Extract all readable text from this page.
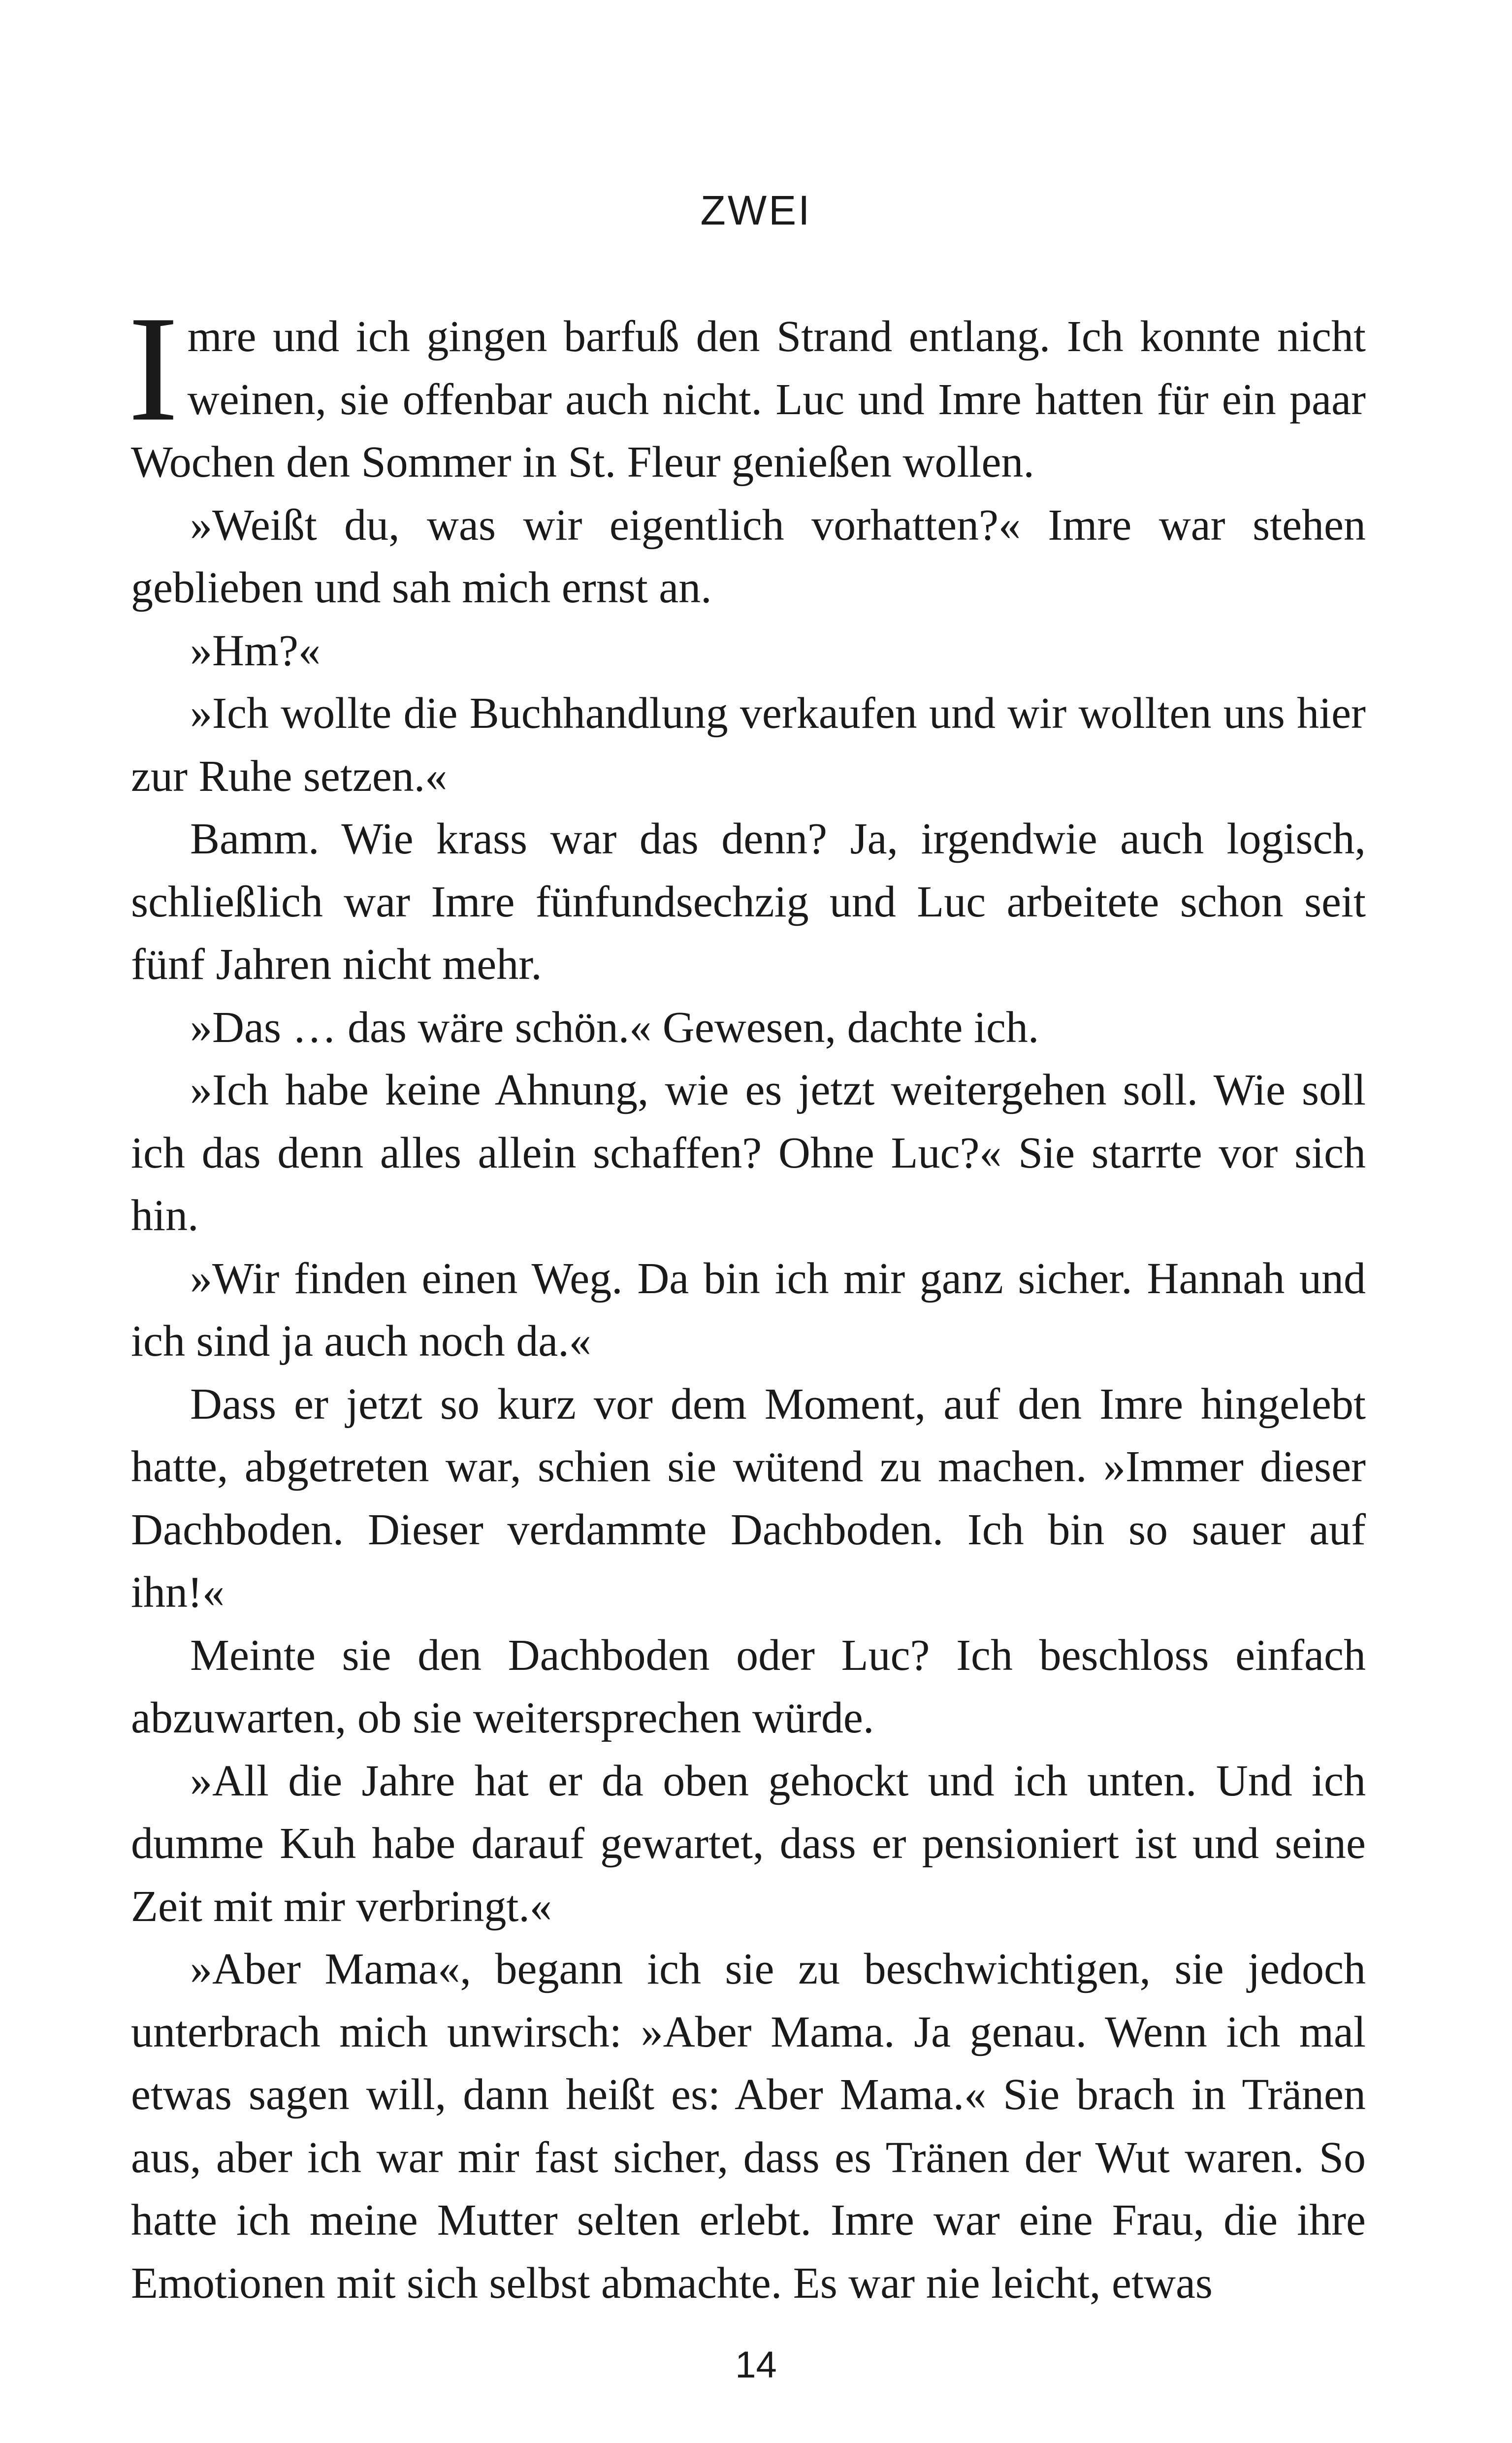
ZWEI

Imre und ich gingen barfuß den Strand entlang. Ich konnte nicht weinen, sie offenbar auch nicht. Luc und Imre hatten für ein paar Wochen den Sommer in St. Fleur genießen wollen.

»Weißt du, was wir eigentlich vorhatten?« Imre war stehen geblieben und sah mich ernst an.

»Hm?«

»Ich wollte die Buchhandlung verkaufen und wir wollten uns hier zur Ruhe setzen.«

Bamm. Wie krass war das denn? Ja, irgendwie auch logisch, schließlich war Imre fünfundsechzig und Luc arbeitete schon seit fünf Jahren nicht mehr.

»Das … das wäre schön.« Gewesen, dachte ich.

»Ich habe keine Ahnung, wie es jetzt weitergehen soll. Wie soll ich das denn alles allein schaffen? Ohne Luc?« Sie starrte vor sich hin.

»Wir finden einen Weg. Da bin ich mir ganz sicher. Hannah und ich sind ja auch noch da.«

Dass er jetzt so kurz vor dem Moment, auf den Imre hingelebt hatte, abgetreten war, schien sie wütend zu machen. »Immer dieser Dachboden. Dieser verdammte Dachboden. Ich bin so sauer auf ihn!«

Meinte sie den Dachboden oder Luc? Ich beschloss einfach abzuwarten, ob sie weitersprechen würde.

»All die Jahre hat er da oben gehockt und ich unten. Und ich dumme Kuh habe darauf gewartet, dass er pensioniert ist und seine Zeit mit mir verbringt.«

»Aber Mama«, begann ich sie zu beschwichtigen, sie jedoch unterbrach mich unwirsch: »Aber Mama. Ja genau. Wenn ich mal etwas sagen will, dann heißt es: Aber Mama.« Sie brach in Tränen aus, aber ich war mir fast sicher, dass es Tränen der Wut waren. So hatte ich meine Mutter selten erlebt. Imre war eine Frau, die ihre Emotionen mit sich selbst abmachte. Es war nie leicht, etwas

14
